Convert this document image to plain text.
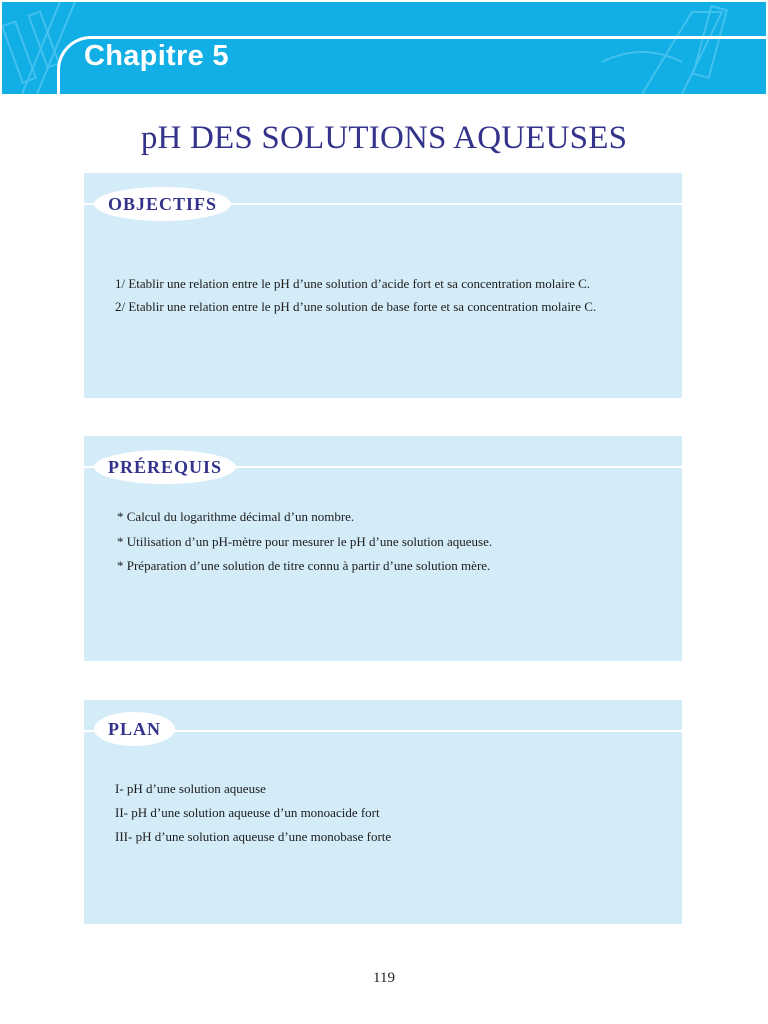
Chapitre 5
pH DES SOLUTIONS AQUEUSES
OBJECTIFS
1/ Etablir une relation entre le pH d’une solution d’acide fort et sa concentration molaire C.
2/ Etablir une relation entre le pH d’une solution de base forte et sa concentration molaire C.
PRÉREQUIS
* Calcul du logarithme décimal d’un nombre.
* Utilisation d’un pH-mètre pour mesurer le pH d’une solution aqueuse.
* Préparation d’une solution de titre connu à partir d’une solution mère.
PLAN
I- pH d’une solution aqueuse
II- pH d’une solution aqueuse d’un monoacide fort
III- pH d’une solution aqueuse d’une monobase forte
119
